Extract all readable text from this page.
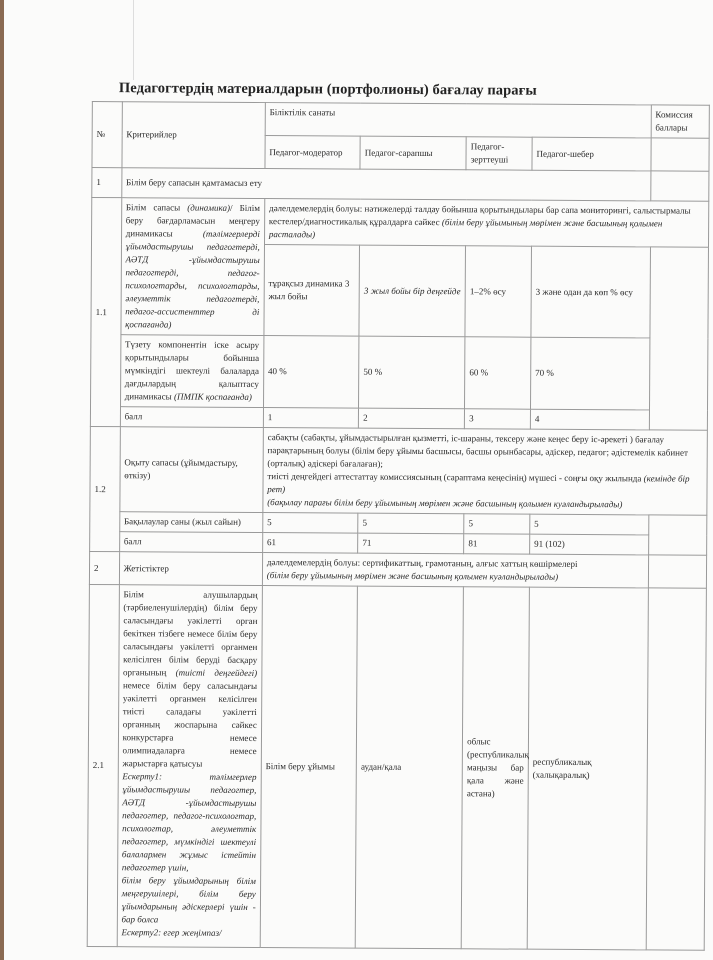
Педагогтердің материалдарын (портфолионы) бағалау парағы
№	Критерийлер	Біліктілік санаты				Комиссия баллары
		Педагог-модератор	Педагог-сарапшы	Педагог-зерттеуші	Педагог-шебер	
1	Білім беру сапасын қамтамасыз ету					
1.1	Білім сапасы (динамика)/ Білім беру бағдарламасын меңгеру динамикасы	(тәлімгерлерді ұйымдастырушы педагогтерді, АӘТД -ұйымдастырушы педагогтерді, педагог-психологтарды, психологтарды, әлеуметтік педагогтерді, педагог-ассистенттер ді қоспағанда)	дәлелдемелердің болуы: нәтижелерді талдау бойынша қорытындылары бар сапа мониторингі, салыстырмалы кестелер/диагностикалық құралдарға сәйкес (білім беру ұйымының мөрімен және басшының қолымен расталады)
		тұрақсыз динамика 3 жыл бойы	3 жыл бойы бір деңгейде	1–2% өсу	3 және одан да көп % өсу	
	Түзету компонентін іске асыру қорытындылары бойынша мүмкіндігі шектеулі балаларда дағдылардың қалыптасу динамикасы (ПМПК қоспағанда)	40 %	50 %	60 %	70 %	
	балл	1	2	3	4	
1.2	Оқыту сапасы (ұйымдастыру, өткізу)	сабақты (сабақты, ұйымдастырылған қызметті, іс-шараны, тексеру және кеңес беру іс-әрекеті ) бағалау парақтарының болуы (білім беру ұйымы басшысы, басшы орынбасары, әдіскер, педагог; әдістемелік кабинет (орталық) әдіскері бағалаған);
тиісті деңгейдегі аттестаттау комиссиясының (сараптама кеңесінің) мүшесі - соңғы оқу жылында (кемінде бір рет)
(бақылау парағы білім беру ұйымының мөрімен және басшының қолымен куәландырылады)				
	Бақылаулар саны (жыл сайын)	5	5	5	5	
	балл	61	71	81	91 (102)	
2	Жетістіктер	дәлелдемелердің болуы: сертификаттың, грамотаның, алғыс хаттың көшірмелері
(білім беру ұйымының мөрімен және басшының қолымен куәландырылады)				
2.1	Білім алушылардың (тәрбиеленушілердің) білім беру саласындағы уәкілетті орган бекіткен тізбеге немесе білім беру саласындағы уәкілетті органмен келісілген білім берудi басқару органының (тиісті деңгейдегі) немесе білім беру саласындағы уәкілетті органмен келісілген тиісті саладағы уәкілетті органның жоспарына сәйкес конкурстарға немесе олимпиадаларға немесе жарыстарға қатысуы
Ескерту1: тәлімгерлер ұйымдастырушы педагогтер, АӘТД -ұйымдастырушы педагогтер, педагог-психологтар, психологтар, әлеуметтік педагогтер, мүмкіндігі шектеулі балалармен жұмыс істейтін педагогтер үшін,
білім беру ұйымдарының білім меңгерушілері, білім беру ұйымдарының әдіскерлері үшін - бар болса
Ескерту2: егер жеңімпаз/	Білім беру ұйымы	аудан/қала	облыс (республикалық маңызы бар қала және астана)	республикалық (халықаралық)	
